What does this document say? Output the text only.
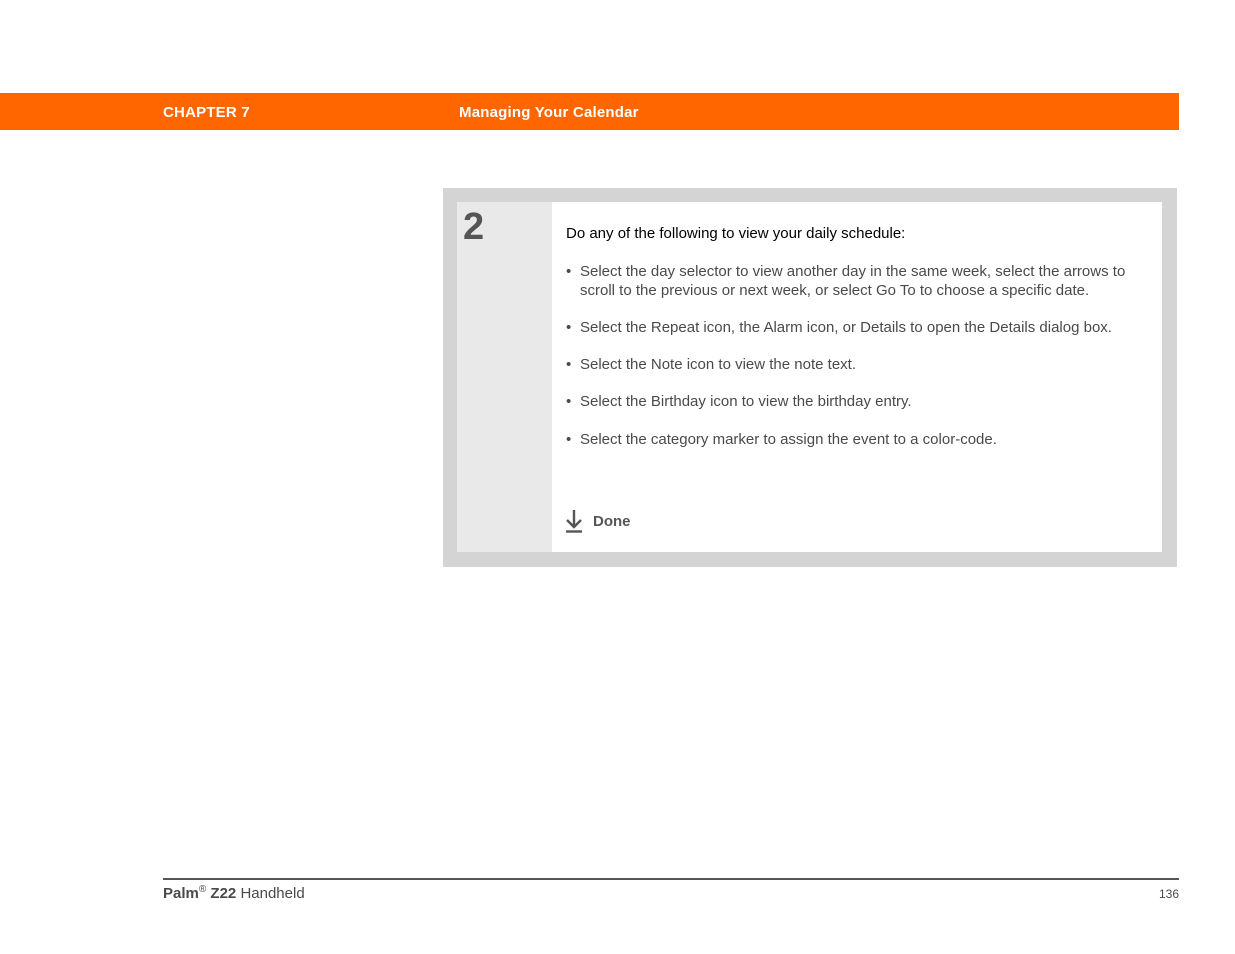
CHAPTER 7	Managing Your Calendar
2	Do any of the following to view your daily schedule:
• Select the day selector to view another day in the same week, select the arrows to scroll to the previous or next week, or select Go To to choose a specific date.
• Select the Repeat icon, the Alarm icon, or Details to open the Details dialog box.
• Select the Note icon to view the note text.
• Select the Birthday icon to view the birthday entry.
• Select the category marker to assign the event to a color-code.
Done
Palm® Z22 Handheld	136
